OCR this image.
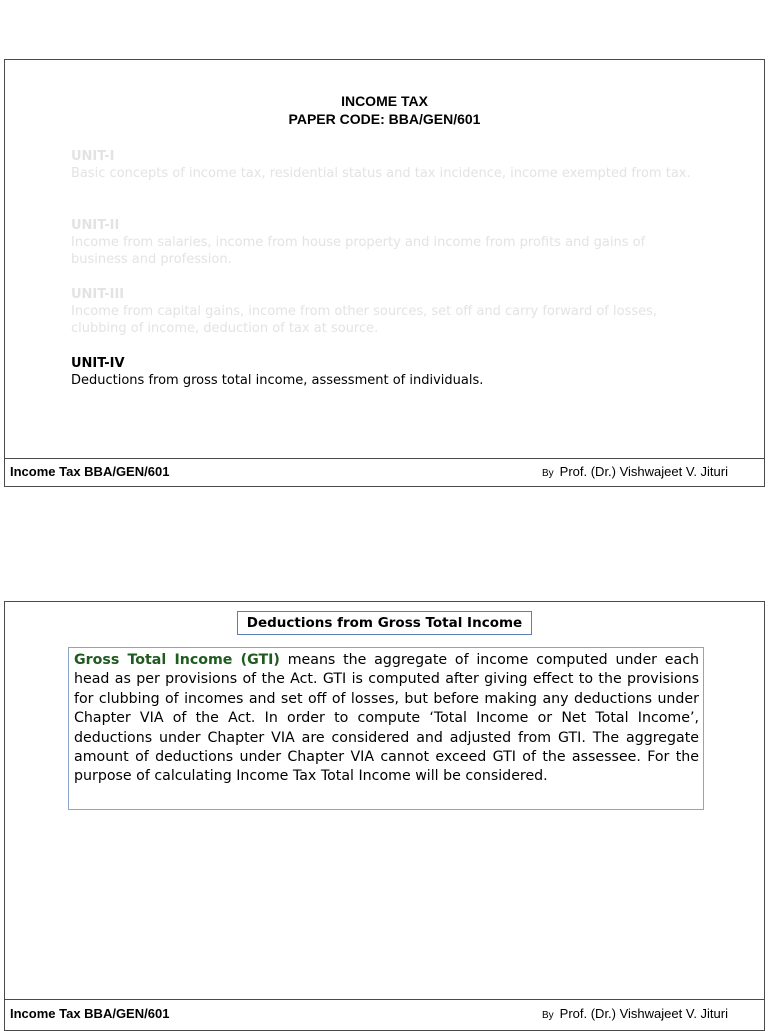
INCOME TAX
PAPER CODE: BBA/GEN/601
UNIT-I
Basic concepts of income tax, residential status and tax incidence, income exempted from tax.
UNIT-II
Income from salaries, income from house property and income from profits and gains of business and profession.
UNIT-III
Income from capital gains, income from other sources, set off and carry forward of losses, clubbing of income, deduction of tax at source.
UNIT-IV
Deductions from gross total income, assessment of individuals.
Income Tax BBA/GEN/601	By Prof. (Dr.) Vishwajeet V. Jituri
Deductions from Gross Total Income
Gross Total Income (GTI) means the aggregate of income computed under each head as per provisions of the Act. GTI is computed after giving effect to the provisions for clubbing of incomes and set off of losses, but before making any deductions under Chapter VIA of the Act. In order to compute ‘Total Income or Net Total Income’, deductions under Chapter VIA are considered and adjusted from GTI. The aggregate amount of deductions under Chapter VIA cannot exceed GTI of the assessee. For the purpose of calculating Income Tax Total Income will be considered.
Income Tax BBA/GEN/601	By Prof. (Dr.) Vishwajeet V. Jituri
